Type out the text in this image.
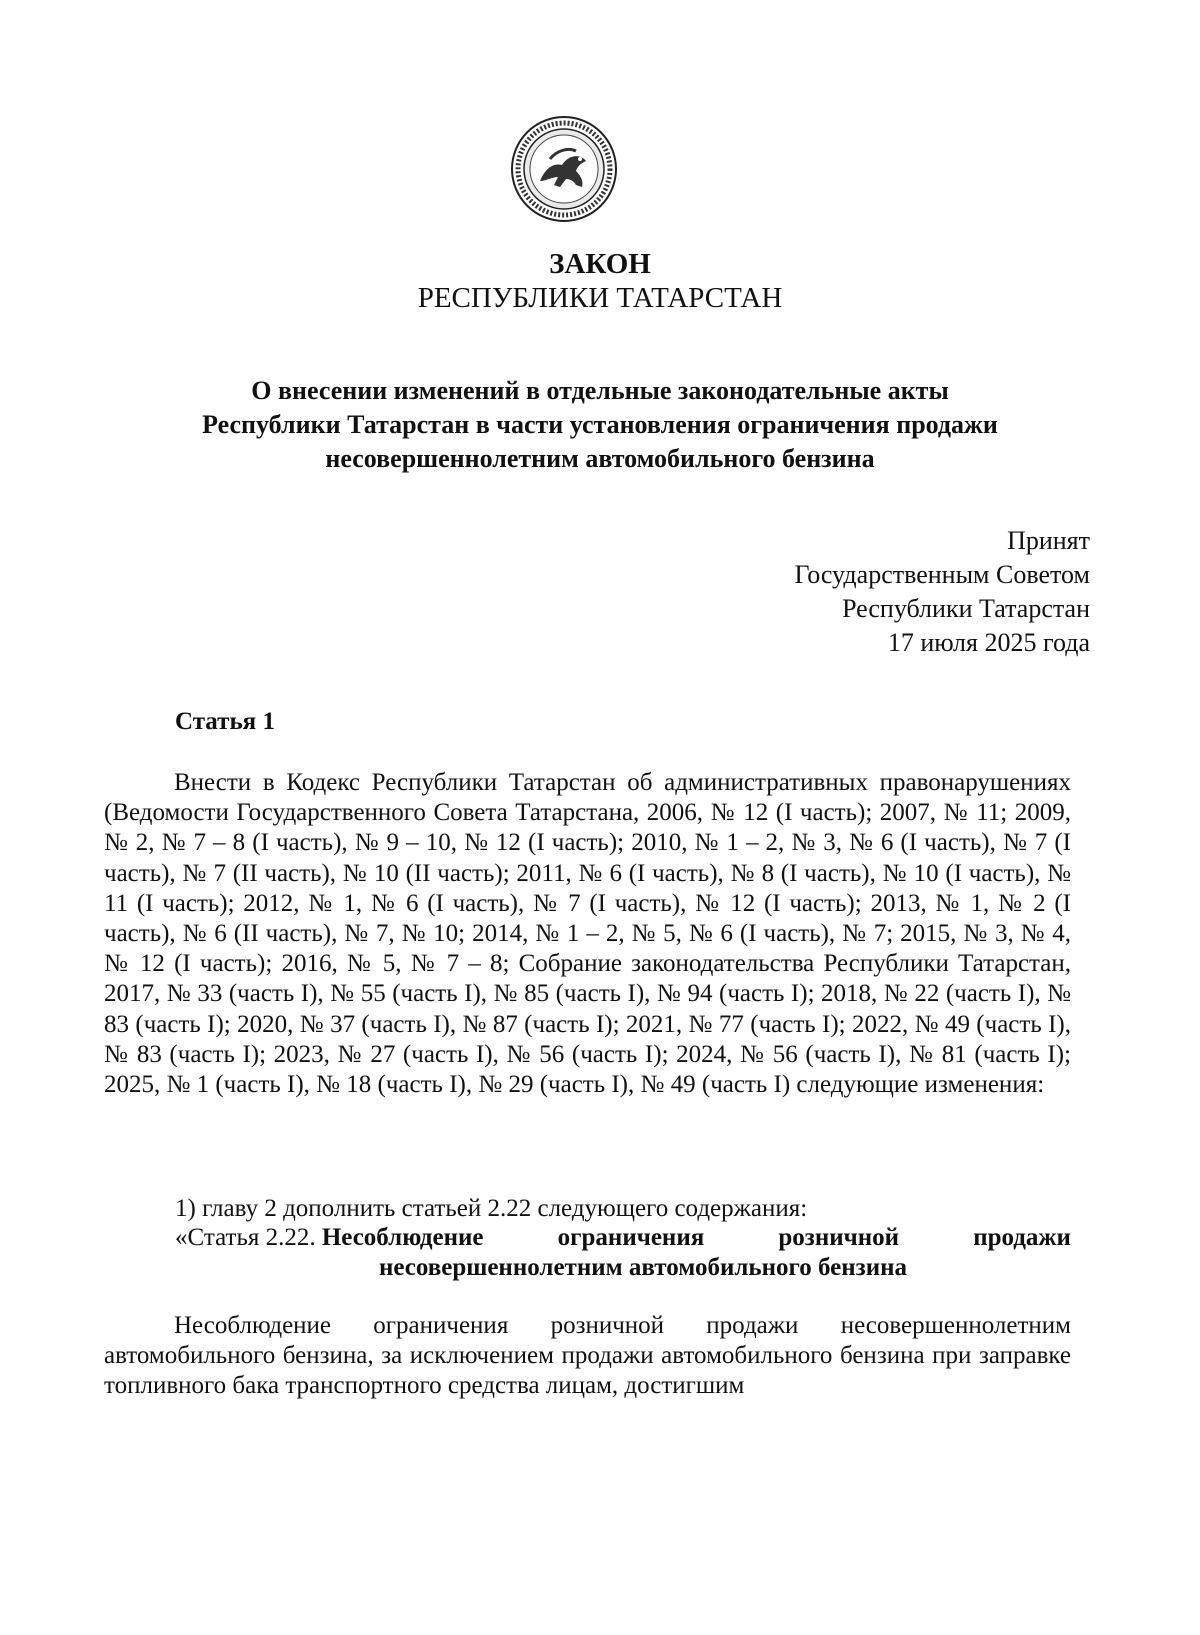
ЗАКОН
РЕСПУБЛИКИ ТАТАРСТАН
О внесении изменений в отдельные законодательные акты
Республики Татарстан в части установления ограничения продажи
несовершеннолетним автомобильного бензина
Принят
Государственным Советом
Республики Татарстан
17 июля 2025 года
Статья 1
Внести в Кодекс Республики Татарстан об административных правонарушениях (Ведомости Государственного Совета Татарстана, 2006, № 12 (I часть); 2007, № 11; 2009, № 2, № 7 – 8 (I часть), № 9 – 10, № 12 (I часть); 2010, № 1 – 2, № 3, № 6 (I часть), № 7 (I часть), № 7 (II часть), № 10 (II часть); 2011, № 6 (I часть), № 8 (I часть), № 10 (I часть), № 11 (I часть); 2012, № 1, № 6 (I часть), № 7 (I часть), № 12 (I часть); 2013, № 1, № 2 (I часть), № 6 (II часть), № 7, № 10; 2014, № 1 – 2, № 5, № 6 (I часть), № 7; 2015, № 3, № 4, № 12 (I часть); 2016, № 5, № 7 – 8; Собрание законодательства Республики Татарстан, 2017, № 33 (часть I), № 55 (часть I), № 85 (часть I), № 94 (часть I); 2018, № 22 (часть I), № 83 (часть I); 2020, № 37 (часть I), № 87 (часть I); 2021, № 77 (часть I); 2022, № 49 (часть I), № 83 (часть I); 2023, № 27 (часть I), № 56 (часть I); 2024, № 56 (часть I), № 81 (часть I); 2025, № 1 (часть I), № 18 (часть I), № 29 (часть I), № 49 (часть I) следующие изменения:
1) главу 2 дополнить статьей 2.22 следующего содержания:
«Статья 2.22. Несоблюдение	ограничения	розничной	продажи
несовершеннолетним автомобильного бензина
Несоблюдение ограничения розничной продажи несовершеннолетним автомобильного бензина, за исключением продажи автомобильного бензина при заправке топливного бака транспортного средства лицам, достигшим
